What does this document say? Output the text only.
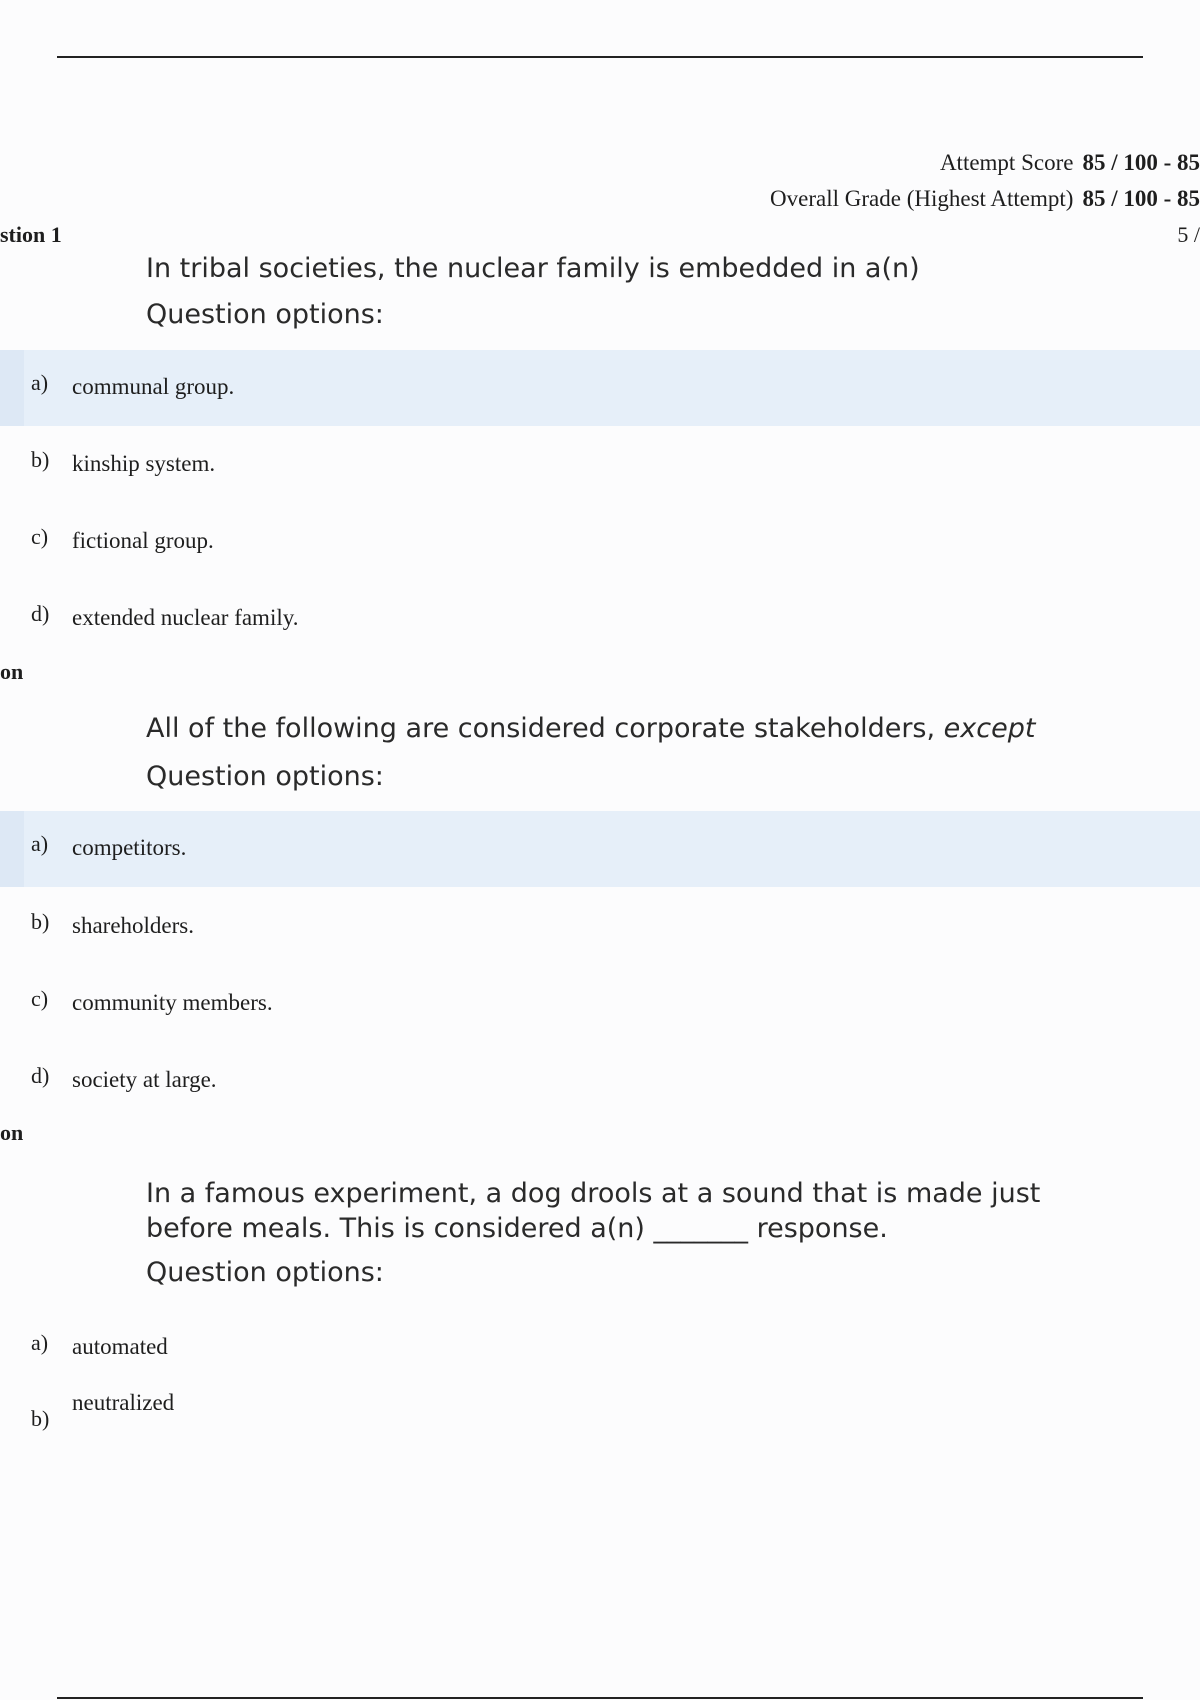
Attempt Score 85 / 100 - 85
Overall Grade (Highest Attempt) 85 / 100 - 85
stion 1	5 /
In tribal societies, the nuclear family is embedded in a(n)
Question options:
a) communal group.
b) kinship system.
c) fictional group.
d) extended nuclear family.
on
All of the following are considered corporate stakeholders, except
Question options:
a) competitors.
b) shareholders.
c) community members.
d) society at large.
on
In a famous experiment, a dog drools at a sound that is made just
before meals. This is considered a(n) _______ response.
Question options:
a) automated
b)
neutralized
